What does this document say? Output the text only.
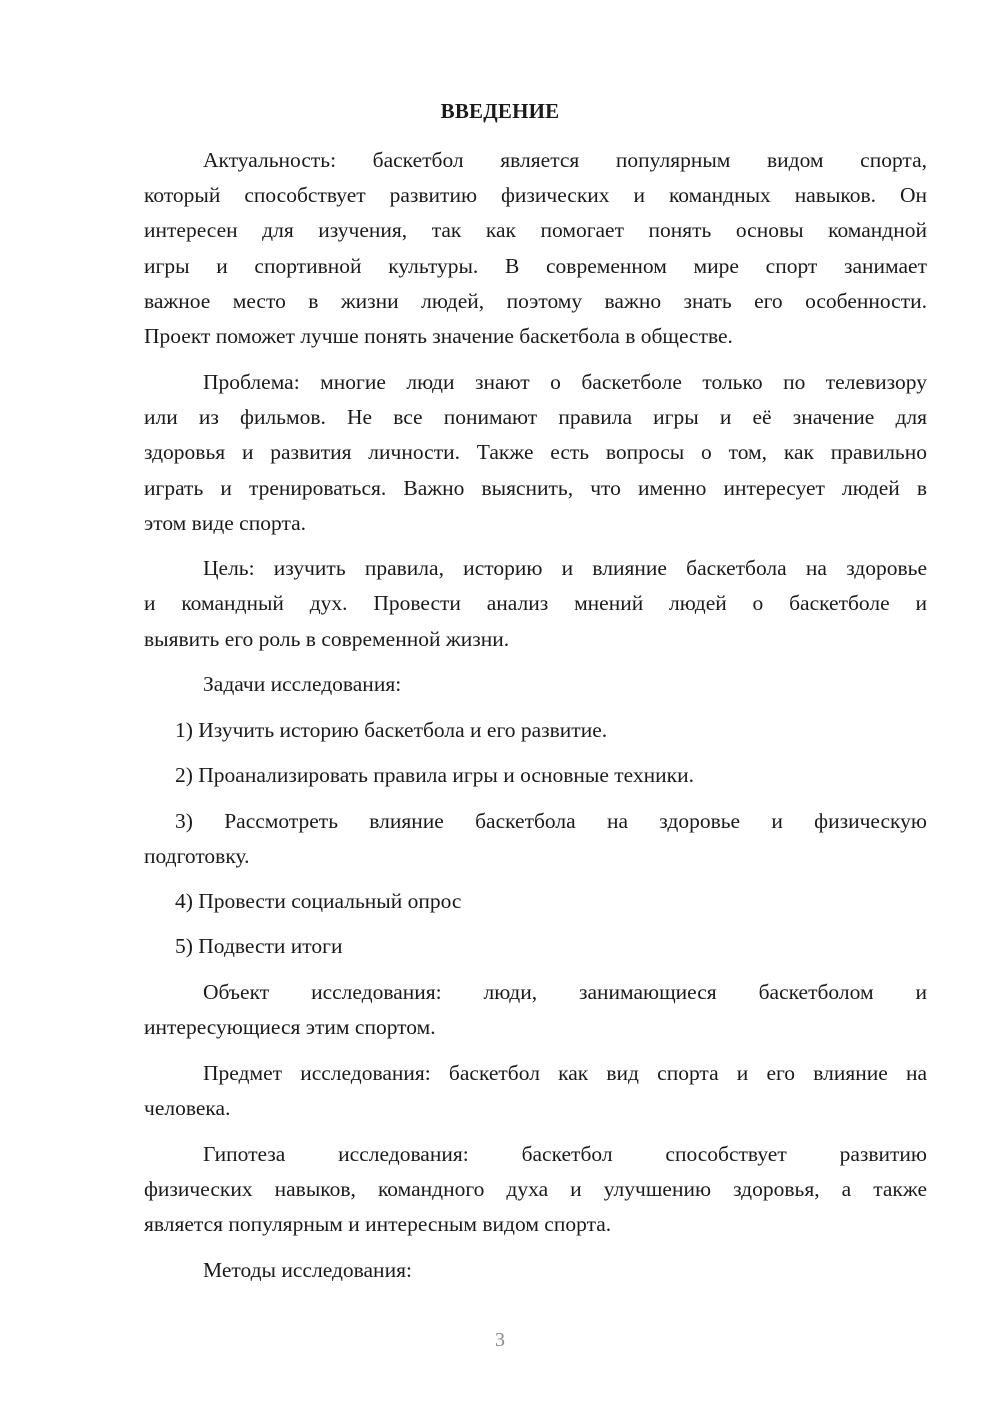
ВВЕДЕНИЕ
Актуальность: баскетбол является популярным видом спорта,
который способствует развитию физических и командных навыков. Он
интересен для изучения, так как помогает понять основы командной
игры и спортивной культуры. В современном мире спорт занимает
важное место в жизни людей, поэтому важно знать его особенности.
Проект поможет лучше понять значение баскетбола в обществе.
Проблема: многие люди знают о баскетболе только по телевизору
или из фильмов. Не все понимают правила игры и её значение для
здоровья и развития личности. Также есть вопросы о том, как правильно
играть и тренироваться. Важно выяснить, что именно интересует людей в
этом виде спорта.
Цель: изучить правила, историю и влияние баскетбола на здоровье
и командный дух. Провести анализ мнений людей о баскетболе и
выявить его роль в современной жизни.
Задачи исследования:
1) Изучить историю баскетбола и его развитие.
2) Проанализировать правила игры и основные техники.
3) Рассмотреть влияние баскетбола на здоровье и физическую
подготовку.
4) Провести социальный опрос
5) Подвести итоги
Объект исследования: люди, занимающиеся баскетболом и
интересующиеся этим спортом.
Предмет исследования: баскетбол как вид спорта и его влияние на
человека.
Гипотеза исследования: баскетбол способствует развитию
физических навыков, командного духа и улучшению здоровья, а также
является популярным и интересным видом спорта.
Методы исследования:
3
